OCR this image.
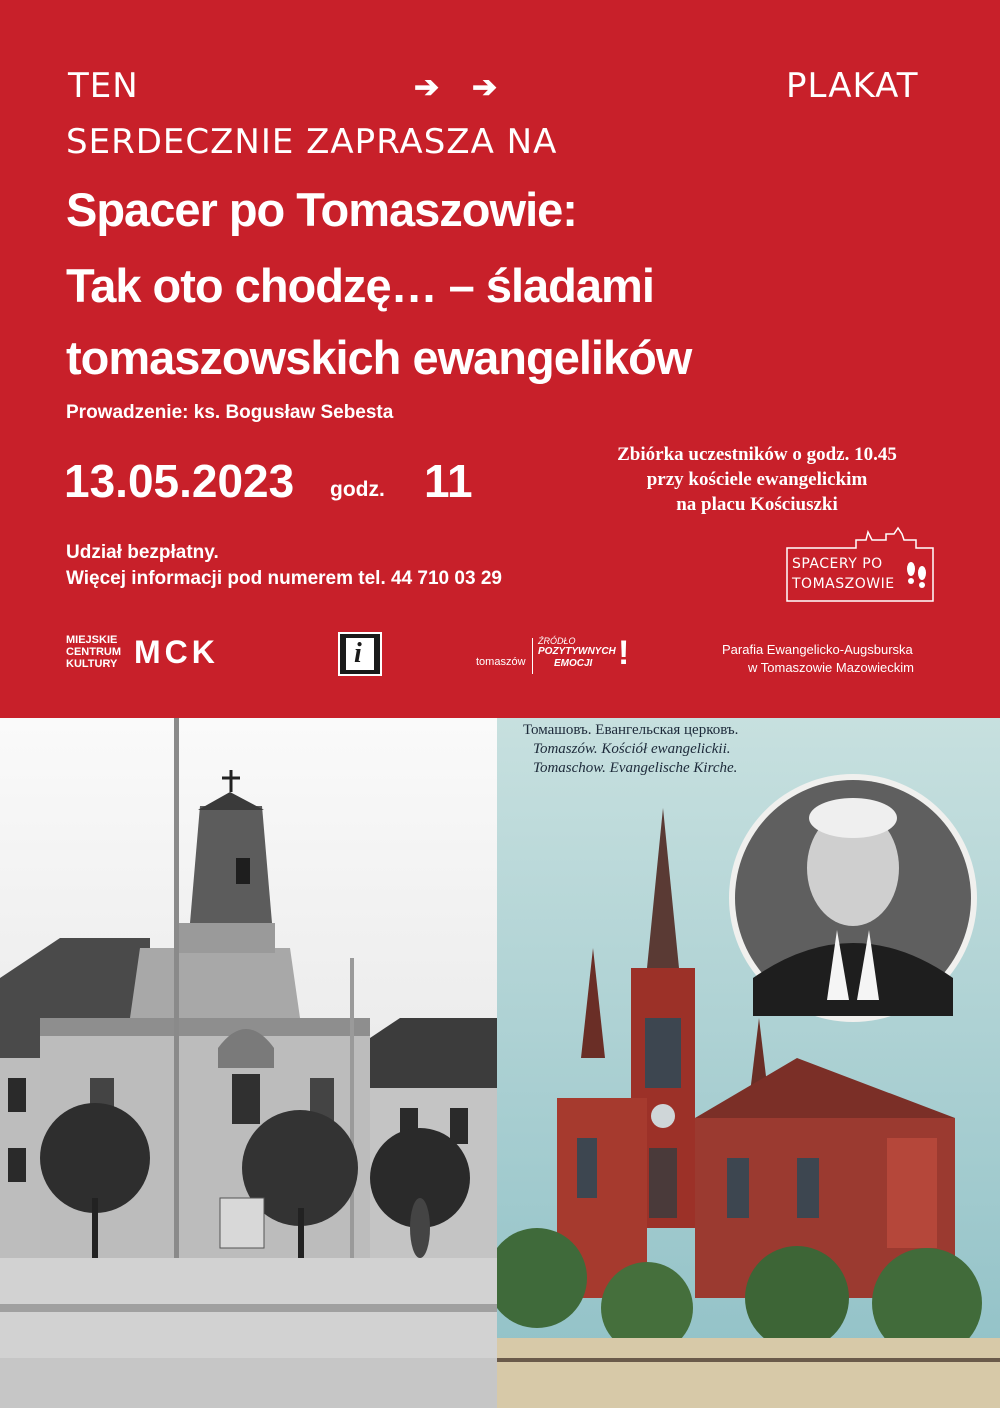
TEN	➔ ➔	PLAKAT
SERDECZNIE ZAPRASZA NA
Spacer po Tomaszowie:
Tak oto chodzę… – śladami
tomaszowskich ewangelików
Prowadzenie: ks. Bogusław Sebesta
13.05.2023 godz. 11
Zbiórka uczestników o godz. 10.45
przy kościele ewangelickim
na placu Kościuszki
Udział bezpłatny.
Więcej informacji pod numerem tel. 44 710 03 29
SPACERY PO
TOMASZOWIE
MIEJSKIE
CENTRUM
KULTURY MCK	i	tomaszów
ŹRÓDŁO
POZYTYWNYCH
EMOCJI !	Parafia Ewangelicko-Augsburska
w Tomaszowie Mazowieckim
Томашовъ. Евангельская церковъ.
Tomaszów. Kościół ewangelickii.
Tomaschow. Evangelische Kirche.
